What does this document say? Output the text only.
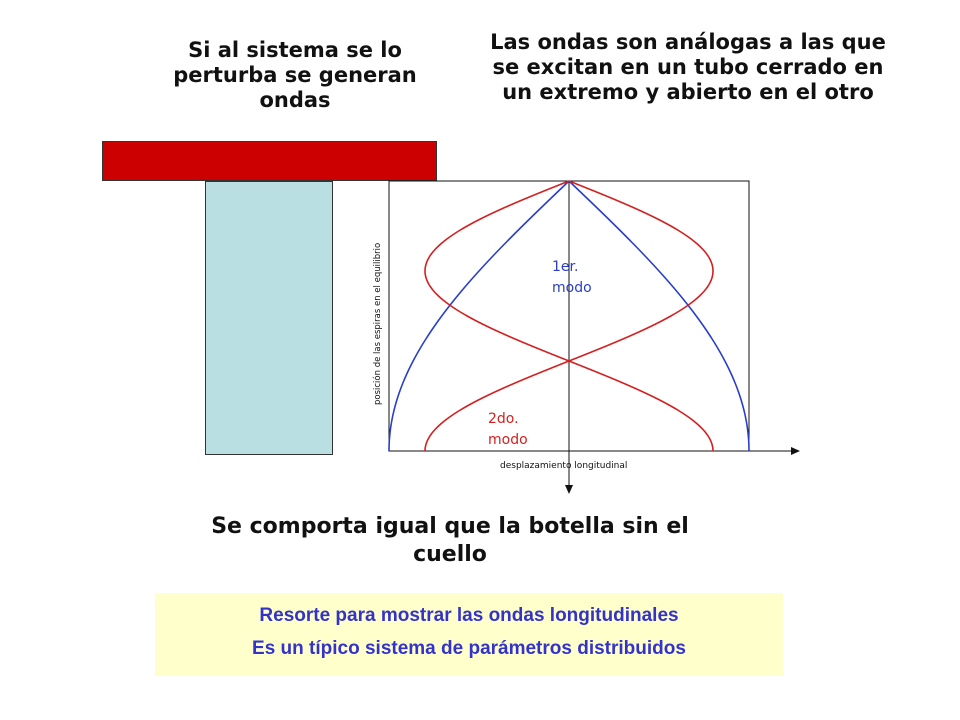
Si al sistema se lo perturba se generan ondas
Las ondas son análogas a las que se excitan en un tubo cerrado en un extremo y abierto en el otro
1er.
modo
2do.
modo
desplazamiento longitudinal
posición de las espiras en el equilibrio
Se comporta igual que la botella sin el cuello
Resorte para mostrar las ondas longitudinales
Es un típico sistema de parámetros distribuidos
